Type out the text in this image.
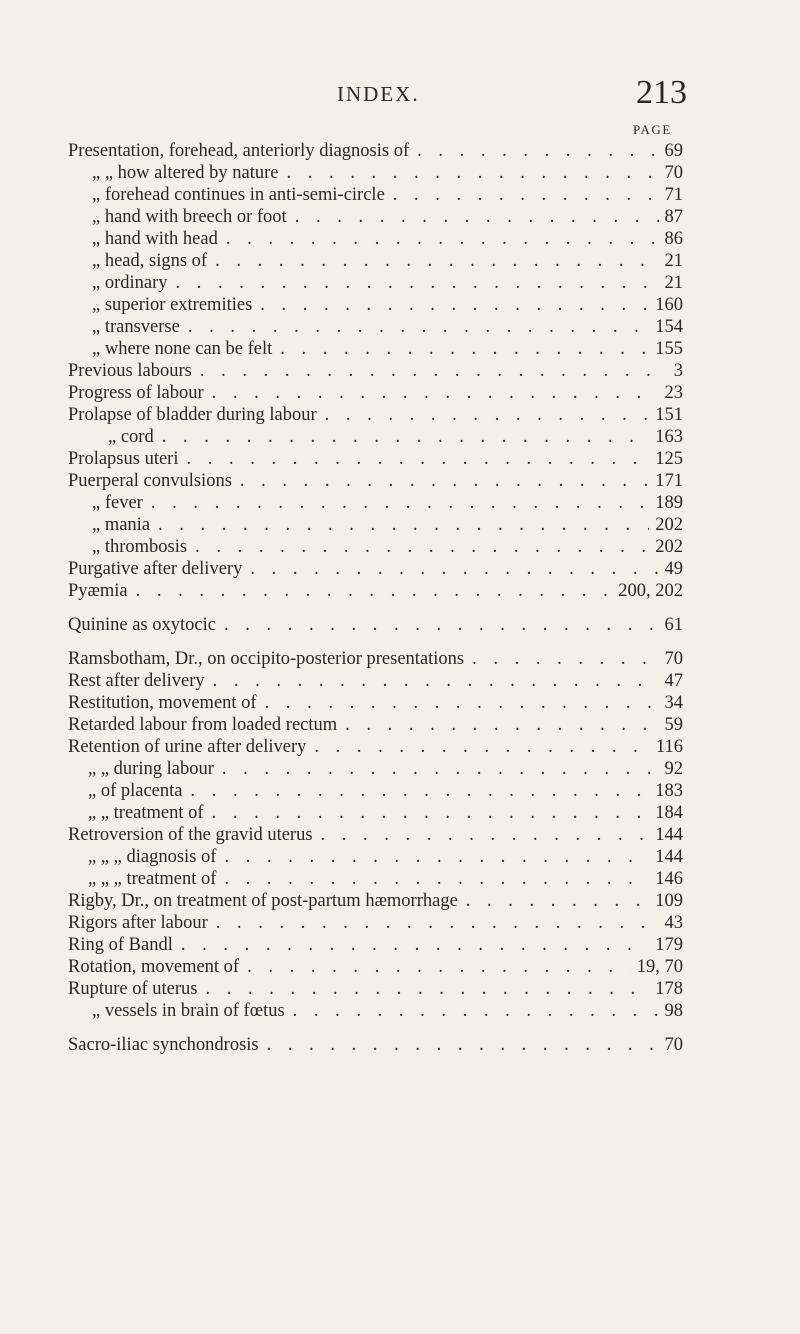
INDEX.	213
PAGE
Presentation, forehead, anteriorly diagnosis of . . .	69
„ „ how altered by nature . . .	70
„ forehead continues in anti-semi-circle . . .	71
„ hand with breech or foot . . .	87
„ hand with head . . .	86
„ head, signs of . . .	21
„ ordinary . . .	21
„ superior extremities . . .	160
„ transverse . . .	154
„ where none can be felt . . .	155
Previous labours . . .	3
Progress of labour . . .	23
Prolapse of bladder during labour . . .	151
„ cord . . .	163
Prolapsus uteri . . .	125
Puerperal convulsions . . .	171
„ fever . . .	189
„ mania . . .	202
„ thrombosis . . .	202
Purgative after delivery . . .	49
Pyæmia . . .	200, 202
Quinine as oxytocic . . .	61
Ramsbotham, Dr., on occipito-posterior presentations . . .	70
Rest after delivery . . .	47
Restitution, movement of . . .	34
Retarded labour from loaded rectum . . .	59
Retention of urine after delivery . . .	116
„ „ during labour . . .	92
„ of placenta . . .	183
„ „ treatment of . . .	184
Retroversion of the gravid uterus . . .	144
„ „ „ diagnosis of . . .	144
„ „ „ treatment of . . .	146
Rigby, Dr., on treatment of post-partum hæmorrhage . . .	109
Rigors after labour . . .	43
Ring of Bandl . . .	179
Rotation, movement of . . .	19, 70
Rupture of uterus . . .	178
„ vessels in brain of fœtus . . .	98
Sacro-iliac synchondrosis . . .	70
